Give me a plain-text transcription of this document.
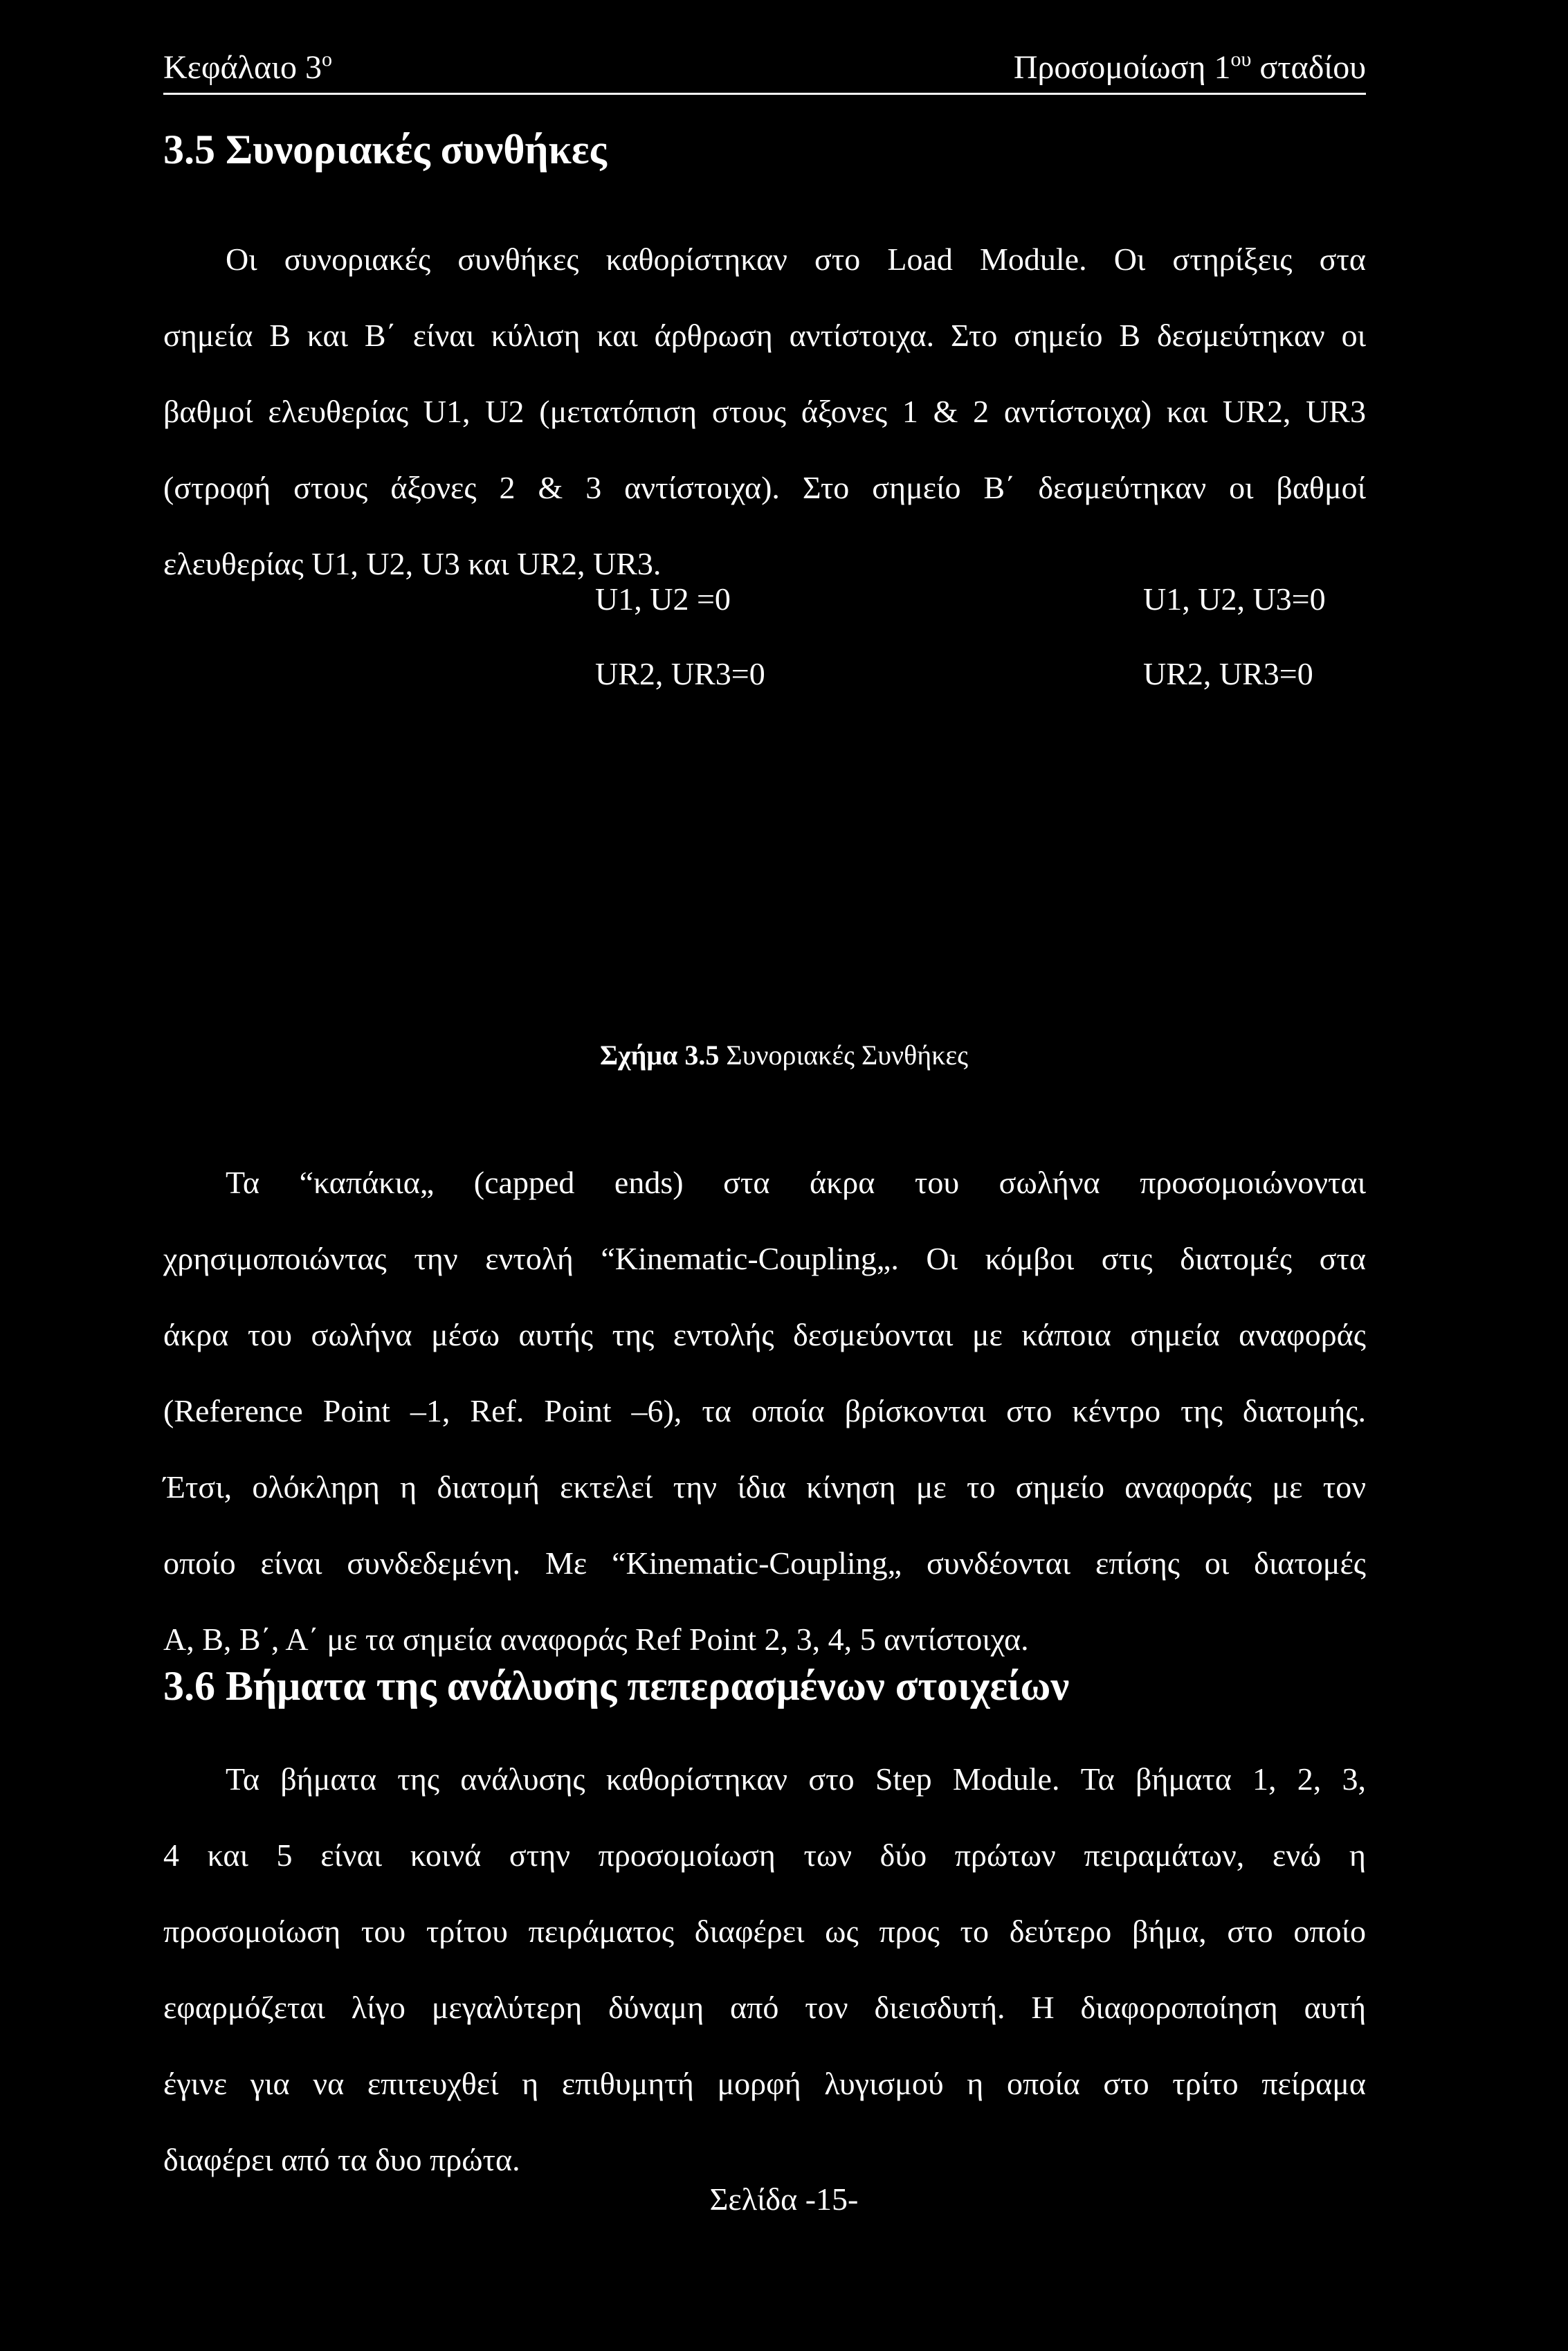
Κεφάλαιο $3^o$	Προσομοίωση $1^{o\upsilon}$ σταδίου
3.5 Συνοριακές συνθήκες
Οι συνοριακές συνθήκες καθορίστηκαν στο Load Module. Οι στηρίξεις στα
σημεία Β και Β΄ είναι κύλιση και άρθρωση αντίστοιχα. Στο σημείο Β δεσμεύτηκαν οι
βαθμοί ελευθερίας U1, U2 (μετατόπιση στους άξονες 1 & 2 αντίστοιχα) και UR2, UR3
(στροφή στους άξονες 2 & 3 αντίστοιχα). Στο σημείο Β΄ δεσμεύτηκαν οι βαθμοί
ελευθερίας U1, U2, U3 και UR2, UR3.
U1, U2 =0
UR2, UR3=0
U1, U2, U3=0
UR2, UR3=0
Σχήμα 3.5 Συνοριακές Συνθήκες
Τα “καπάκια„ (capped ends) στα άκρα του σωλήνα προσομοιώνονται
χρησιμοποιώντας την εντολή “Kinematic-Coupling„. Οι κόμβοι στις διατομές στα
άκρα του σωλήνα μέσω αυτής της εντολής δεσμεύονται με κάποια σημεία αναφοράς
(Reference Point –1, Ref. Point –6), τα οποία βρίσκονται στο κέντρο της διατομής.
Έτσι, ολόκληρη η διατομή εκτελεί την ίδια κίνηση με το σημείο αναφοράς με τον
οποίο είναι συνδεδεμένη. Με “Kinematic-Coupling„ συνδέονται επίσης οι διατομές
Α, Β, Β΄, Α΄ με τα σημεία αναφοράς Ref Point 2, 3, 4, 5 αντίστοιχα.
3.6 Βήματα της ανάλυσης πεπερασμένων στοιχείων
Τα βήματα της ανάλυσης καθορίστηκαν στο Step Module. Τα βήματα 1, 2, 3,
4 και 5 είναι κοινά στην προσομοίωση των δύο πρώτων πειραμάτων, ενώ η
προσομοίωση του τρίτου πειράματος διαφέρει ως προς το δεύτερο βήμα, στο οποίο
εφαρμόζεται λίγο μεγαλύτερη δύναμη από τον διεισδυτή. Η διαφοροποίηση αυτή
έγινε για να επιτευχθεί η επιθυμητή μορφή λυγισμού η οποία στο τρίτο πείραμα
διαφέρει από τα δυο πρώτα.
Σελίδα -15-
